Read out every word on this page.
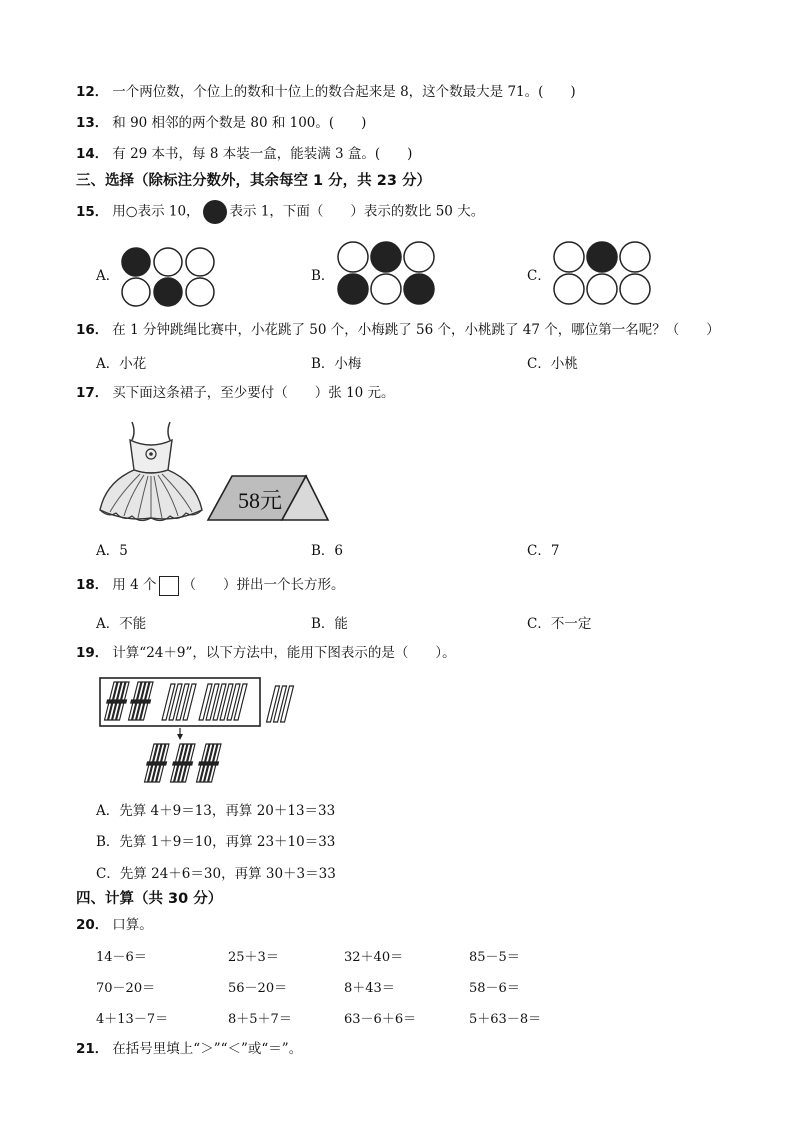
12． 一个两位数，个位上的数和十位上的数合起来是 8，这个数最大是 71。(　　)
13． 和 90 相邻的两个数是 80 和 100。(　　)
14． 有 29 本书，每 8 本装一盒，能装满 3 盒。(　　)
三、选择（除标注分数外，其余每空 1 分，共 23 分）
15． 用○表示 10， 表示 1，下面（　　）表示的数比 50 大。
A．	B．	C．
16． 在 1 分钟跳绳比赛中，小花跳了 50 个，小梅跳了 56 个，小桃跳了 47 个，哪位第一名呢？（　　）
A．小花	B．小梅	C．小桃
17． 买下面这条裙子，至少要付（　　）张 10 元。
58元
A．5	B．6	C．7
18． 用 4 个 （　　）拼出一个长方形。
A．不能	B．能	C．不一定
19． 计算“24＋9”，以下方法中，能用下图表示的是（　　）。
A．先算 4＋9＝13，再算 20＋13＝33
B．先算 1＋9＝10，再算 23＋10＝33
C．先算 24＋6＝30，再算 30＋3＝33
四、计算（共 30 分）
20． 口算。
14－6＝	25＋3＝	32＋40＝	85－5＝
70－20＝	56－20＝	8＋43＝	58－6＝
4＋13－7＝	8＋5＋7＝	63－6＋6＝	5＋63－8＝
21． 在括号里填上“＞”“＜”或“＝”。
